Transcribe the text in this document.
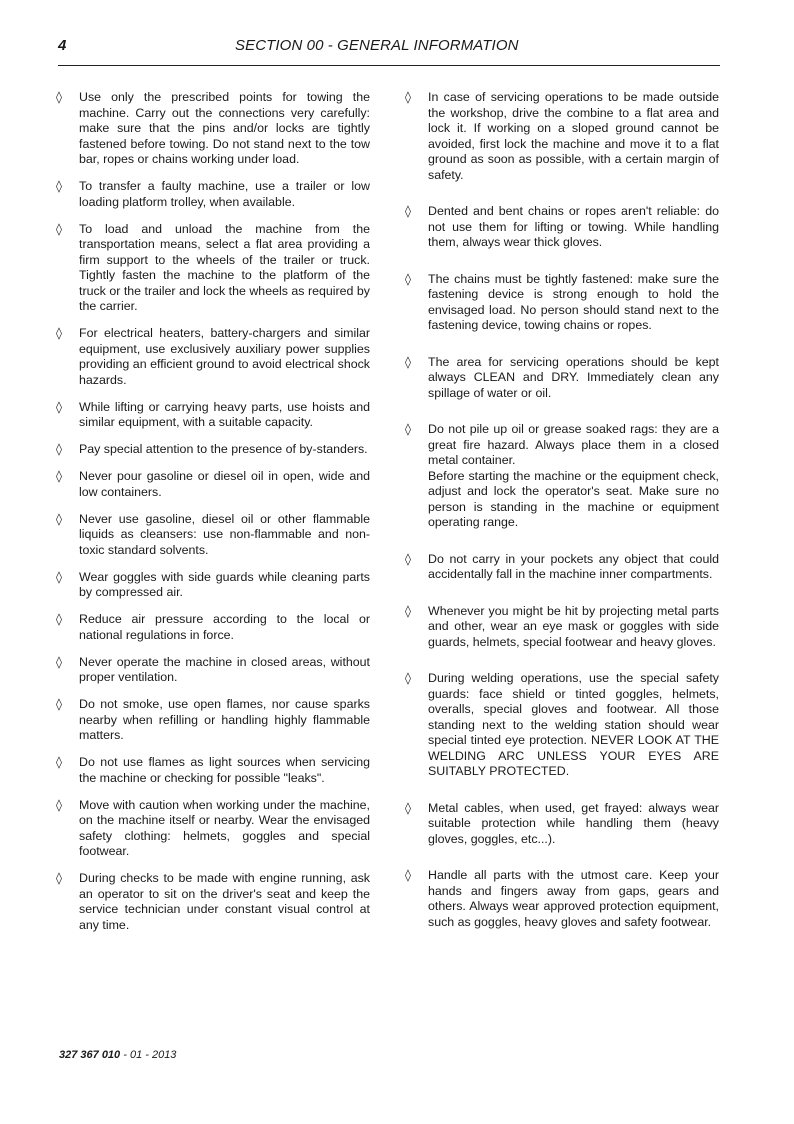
4	SECTION 00 - GENERAL INFORMATION
◊ Use only the prescribed points for towing the machine. Carry out the connections very carefully: make sure that the pins and/or locks are tightly fastened before towing. Do not stand next to the tow bar, ropes or chains working under load.
◊ To transfer a faulty machine, use a trailer or low loading platform trolley, when available.
◊ To load and unload the machine from the transportation means, select a flat area providing a firm support to the wheels of the trailer or truck. Tightly fasten the machine to the platform of the truck or the trailer and lock the wheels as required by the carrier.
◊ For electrical heaters, battery-chargers and similar equipment, use exclusively auxiliary power supplies providing an efficient ground to avoid electrical shock hazards.
◊ While lifting or carrying heavy parts, use hoists and similar equipment, with a suitable capacity.
◊ Pay special attention to the presence of by-standers.
◊ Never pour gasoline or diesel oil in open, wide and low containers.
◊ Never use gasoline, diesel oil or other flammable liquids as cleansers: use non-flammable and non-toxic standard solvents.
◊ Wear goggles with side guards while cleaning parts by compressed air.
◊ Reduce air pressure according to the local or national regulations in force.
◊ Never operate the machine in closed areas, without proper ventilation.
◊ Do not smoke, use open flames, nor cause sparks nearby when refilling or handling highly flammable matters.
◊ Do not use flames as light sources when servicing the machine or checking for possible "leaks".
◊ Move with caution when working under the machine, on the machine itself or nearby. Wear the envisaged safety clothing: helmets, goggles and special footwear.
◊ During checks to be made with engine running, ask an operator to sit on the driver's seat and keep the service technician under constant visual control at any time.
◊ In case of servicing operations to be made outside the workshop, drive the combine to a flat area and lock it. If working on a sloped ground cannot be avoided, first lock the machine and move it to a flat ground as soon as possible, with a certain margin of safety.
◊ Dented and bent chains or ropes aren't reliable: do not use them for lifting or towing. While handling them, always wear thick gloves.
◊ The chains must be tightly fastened: make sure the fastening device is strong enough to hold the envisaged load. No person should stand next to the fastening device, towing chains or ropes.
◊ The area for servicing operations should be kept always CLEAN and DRY. Immediately clean any spillage of water or oil.
◊ Do not pile up oil or grease soaked rags: they are a great fire hazard. Always place them in a closed metal container.
Before starting the machine or the equipment check, adjust and lock the operator's seat. Make sure no person is standing in the machine or equipment operating range.
◊ Do not carry in your pockets any object that could accidentally fall in the machine inner compartments.
◊ Whenever you might be hit by projecting metal parts and other, wear an eye mask or goggles with side guards, helmets, special footwear and heavy gloves.
◊ During welding operations, use the special safety guards: face shield or tinted goggles, helmets, overalls, special gloves and footwear. All those standing next to the welding station should wear special tinted eye protection. NEVER LOOK AT THE WELDING ARC UNLESS YOUR EYES ARE SUITABLY PROTECTED.
◊ Metal cables, when used, get frayed: always wear suitable protection while handling them (heavy gloves, goggles, etc...).
◊ Handle all parts with the utmost care. Keep your hands and fingers away from gaps, gears and others. Always wear approved protection equipment, such as goggles, heavy gloves and safety footwear.
327 367 010 - 01 - 2013
